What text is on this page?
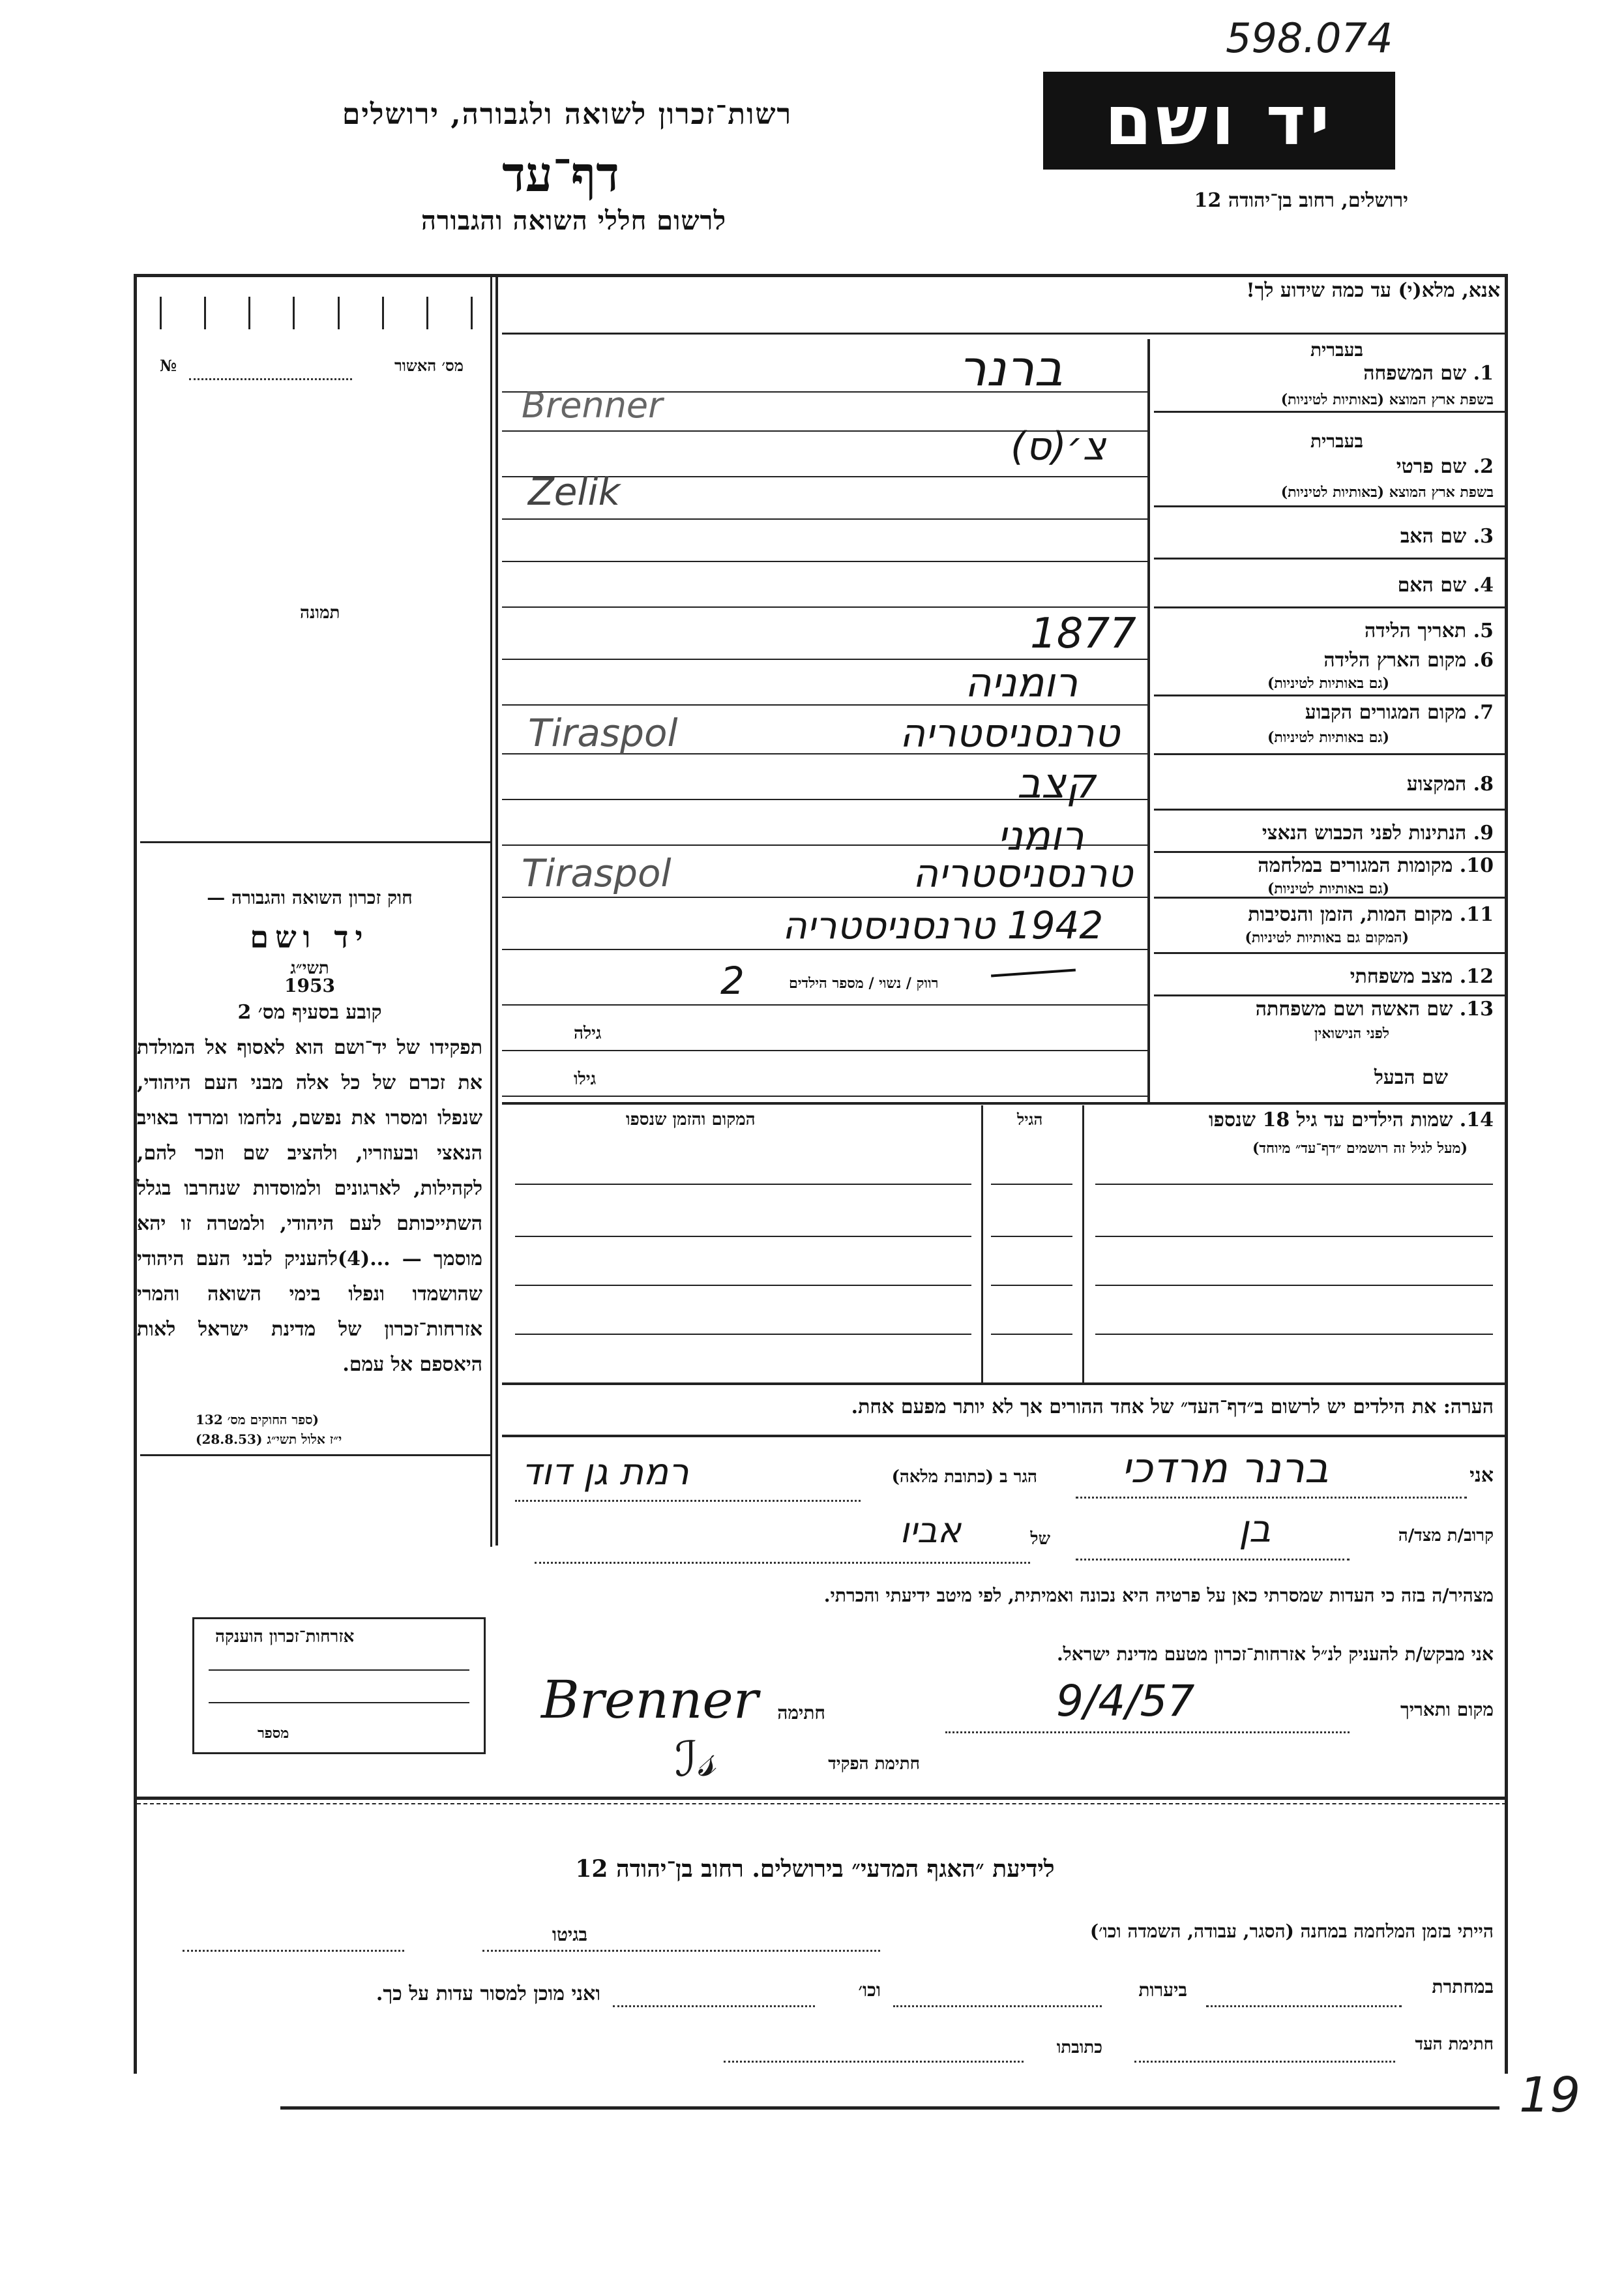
598.074
רשות־זכרון לשואה ולגבורה, ירושלים
דף־עד
לרשום חללי השואה והגבורה
יד ושם
ירושלים, רחוב בן־יהודה 12
אנא, מלא(י) עד כמה שידוע לך!
מס׳ האשור
№
תמונה
חוק זכרון השואה והגבורה —
יד ושם
תשי״ג
1953
קובע בסעיף מס׳ 2
תפקידו של יד־ושם הוא לאסוף אל המולדת את זכרם של כל אלה מבני העם היהודי, שנפלו ומסרו את נפשם, נלחמו ומרדו באויב הנאצי ובעוזריו, ולהציב שם וזכר להם, לקהילות, לארגונים ולמוסדות שנחרבו בגלל השתייכותם לעם היהודי, ולמטרה זו יהא מוסמך — ...(4)להעניק לבני העם היהודי שהושמדו ונפלו בימי השואה והמרי אזרחות־זכרון של מדינת ישראל לאות היאספם אל עמם.
(ספר החוקים מס׳ 132
י״ז אלול תשי״ג (28.8.53)
אזרחות־זכרון הוענקה
מספר
בעברית
1. שם המשפחה
בשפת ארץ המוצא (באותיות לטיניות)
בעברית
2. שם פרטי
בשפת ארץ המוצא (באותיות לטיניות)
3. שם האב
4. שם האם
5. תאריך הלידה
6. מקום הארץ הלידה
(גם באותיות לטיניות)
7. מקום המגורים הקבוע
(גם באותיות לטיניות)
8. המקצוע
9. הנתינות לפני הכבוש הנאצי
10. מקומות המגורים במלחמה
(גם באותיות לטיניות)
11. מקום המות, הזמן והנסיבות
(המקום גם באותיות לטיניות)
12. מצב משפחתי
13. שם האשה ושם משפחתה
לפני הנישואין
שם הבעל
ברנר
Brenner
צ׳(ס)
Zelik
1877
רומניה
טרנסניסטריה
Tiraspol
קצב
רומני
טרנסניסטריה
Tiraspol
1942 טרנסניסטריה
רווק / נשוי / מספר הילדים
2
גילה
גילו
14. שמות הילדים עד גיל 18 שנספו
(מעל לגיל זה רושמים ״דף־עד״ מיוחד)
הגיל
המקום והזמן שנספו
הערה: את הילדים יש לרשום ב״דף־העד״ של אחד ההורים אך לא יותר מפעם אחת.
אני
ברנר מרדכי
הגר ב (כתובת מלאה)
רמת גן דוד
קרוב/ת מצד/ה
בן
של
אביו
מצהיר/ה בזה כי העדות שמסרתי כאן על פרטיה היא נכונה ואמיתית, לפי מיטב ידיעתי והכרתי.
אני מבקש/ת להעניק לנ״ל אזרחות־זכרון מטעם מדינת ישראל.
מקום ותאריך
9/4/57
חתימה
Brenner
חתימת הפקיד
ℐ𝓈
לידיעת ״האגף המדעי״ בירושלים. רחוב בן־יהודה 12
הייתי בזמן המלחמה במחנה (הסגר, עבודה, השמדה וכו׳)
בגיטו
במחתרת
ביערות
וכו׳
ואני מוכן למסור עדות על כך.
חתימת העד
כתובתו
19
